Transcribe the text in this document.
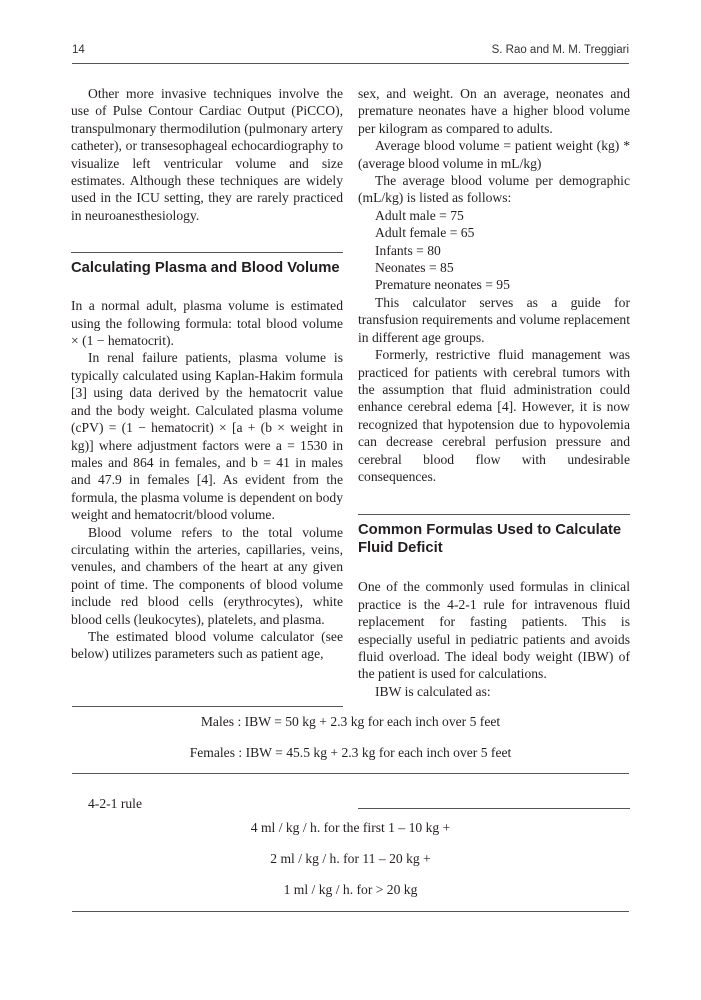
14	S. Rao and M. M. Treggiari

Other more invasive techniques involve the use of Pulse Contour Cardiac Output (PiCCO), transpulmonary thermodilution (pulmonary artery catheter), or transesophageal echocardiography to visualize left ventricular volume and size estimates. Although these techniques are widely used in the ICU setting, they are rarely practiced in neuroanesthesiology.

Calculating Plasma and Blood Volume

In a normal adult, plasma volume is estimated using the following formula: total blood volume × (1 − hematocrit).

In renal failure patients, plasma volume is typically calculated using Kaplan-Hakim formula [3] using data derived by the hematocrit value and the body weight. Calculated plasma volume (cPV) = (1 − hematocrit) × [a + (b × weight in kg)] where adjustment factors were a = 1530 in males and 864 in females, and b = 41 in males and 47.9 in females [4]. As evident from the formula, the plasma volume is dependent on body weight and hematocrit/blood volume.

Blood volume refers to the total volume circulating within the arteries, capillaries, veins, venules, and chambers of the heart at any given point of time. The components of blood volume include red blood cells (erythrocytes), white blood cells (leukocytes), platelets, and plasma.

The estimated blood volume calculator (see below) utilizes parameters such as patient age,

sex, and weight. On an average, neonates and premature neonates have a higher blood volume per kilogram as compared to adults.

Average blood volume = patient weight (kg) * (average blood volume in mL/kg)

The average blood volume per demographic (mL/kg) is listed as follows:

Adult male = 75

Adult female = 65

Infants = 80

Neonates = 85

Premature neonates = 95

This calculator serves as a guide for transfusion requirements and volume replacement in different age groups.

Formerly, restrictive fluid management was practiced for patients with cerebral tumors with the assumption that fluid administration could enhance cerebral edema [4]. However, it is now recognized that hypotension due to hypovolemia can decrease cerebral perfusion pressure and cerebral blood flow with undesirable consequences.

Common Formulas Used to Calculate Fluid Deficit

One of the commonly used formulas in clinical practice is the 4-2-1 rule for intravenous fluid replacement for fasting patients. This is especially useful in pediatric patients and avoids fluid overload. The ideal body weight (IBW) of the patient is used for calculations.

IBW is calculated as:

Males : IBW = 50 kg + 2.3 kg for each inch over 5 feet
Females : IBW = 45.5 kg + 2.3 kg for each inch over 5 feet
4-2-1 rule
4 ml / kg / h. for the first 1 – 10 kg +
2 ml / kg / h. for 11 – 20 kg +
1 ml / kg / h. for > 20 kg
